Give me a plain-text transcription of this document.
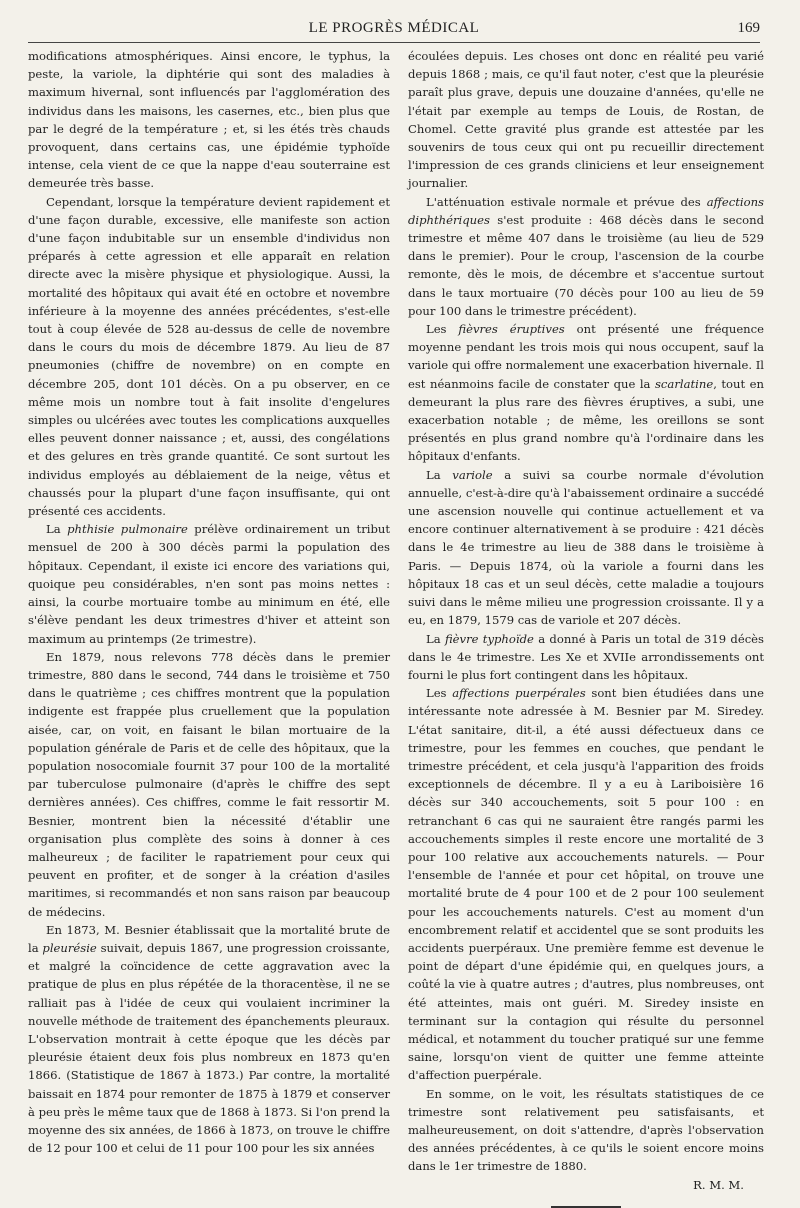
LE PROGRÈS MÉDICAL	169

modifications atmosphériques. Ainsi encore, le typhus, la peste, la variole, la diphtérie qui sont des maladies à maximum hivernal, sont influencés par l'agglomération des individus dans les maisons, les casernes, etc., bien plus que par le degré de la température ; et, si les étés très chauds provoquent, dans certains cas, une épidémie typhoïde intense, cela vient de ce que la nappe d'eau souterraine est demeurée très basse.

Cependant, lorsque la température devient rapidement et d'une façon durable, excessive, elle manifeste son action d'une façon indubitable sur un ensemble d'individus non préparés à cette agression et elle apparaît en relation directe avec la misère physique et physiologique. Aussi, la mortalité des hôpitaux qui avait été en octobre et novembre inférieure à la moyenne des années précédentes, s'est-elle tout à coup élevée de 528 au-dessus de celle de novembre dans le cours du mois de décembre 1879. Au lieu de 87 pneumonies (chiffre de novembre) on en compte en décembre 205, dont 101 décès. On a pu observer, en ce même mois un nombre tout à fait insolite d'engelures simples ou ulcérées avec toutes les complications auxquelles elles peuvent donner naissance ; et, aussi, des congélations et des gelures en très grande quantité. Ce sont surtout les individus employés au déblaiement de la neige, vêtus et chaussés pour la plupart d'une façon insuffisante, qui ont présenté ces accidents.

La phthisie pulmonaire prélève ordinairement un tribut mensuel de 200 à 300 décès parmi la population des hôpitaux. Cependant, il existe ici encore des variations qui, quoique peu considérables, n'en sont pas moins nettes : ainsi, la courbe mortuaire tombe au minimum en été, elle s'élève pendant les deux trimestres d'hiver et atteint son maximum au printemps (2e trimestre).

En 1879, nous relevons 778 décès dans le premier trimestre, 880 dans le second, 744 dans le troisième et 750 dans le quatrième ; ces chiffres montrent que la population indigente est frappée plus cruellement que la population aisée, car, on voit, en faisant le bilan mortuaire de la population générale de Paris et de celle des hôpitaux, que la population nosocomiale fournit 37 pour 100 de la mortalité par tuberculose pulmonaire (d'après le chiffre des sept dernières années). Ces chiffres, comme le fait ressortir M. Besnier, montrent bien la nécessité d'établir une organisation plus complète des soins à donner à ces malheureux ; de faciliter le rapatriement pour ceux qui peuvent en profiter, et de songer à la création d'asiles maritimes, si recommandés et non sans raison par beaucoup de médecins.

En 1873, M. Besnier établissait que la mortalité brute de la pleurésie suivait, depuis 1867, une progression croissante, et malgré la coïncidence de cette aggravation avec la pratique de plus en plus répétée de la thoracentèse, il ne se ralliait pas à l'idée de ceux qui voulaient incriminer la nouvelle méthode de traitement des épanchements pleuraux. L'observation montrait à cette époque que les décès par pleurésie étaient deux fois plus nombreux en 1873 qu'en 1866. (Statistique de 1867 à 1873.) Par contre, la mortalité baissait en 1874 pour remonter de 1875 à 1879 et conserver à peu près le même taux que de 1868 à 1873. Si l'on prend la moyenne des six années, de 1866 à 1873, on trouve le chiffre de 12 pour 100 et celui de 11 pour 100 pour les six années

écoulées depuis. Les choses ont donc en réalité peu varié depuis 1868 ; mais, ce qu'il faut noter, c'est que la pleurésie paraît plus grave, depuis une douzaine d'années, qu'elle ne l'était par exemple au temps de Louis, de Rostan, de Chomel. Cette gravité plus grande est attestée par les souvenirs de tous ceux qui ont pu recueillir directement l'impression de ces grands cliniciens et leur enseignement journalier.

L'atténuation estivale normale et prévue des affections diphthériques s'est produite : 468 décès dans le second trimestre et même 407 dans le troisième (au lieu de 529 dans le premier). Pour le croup, l'ascension de la courbe remonte, dès le mois, de décembre et s'accentue surtout dans le taux mortuaire (70 décès pour 100 au lieu de 59 pour 100 dans le trimestre précédent).

Les fièvres éruptives ont présenté une fréquence moyenne pendant les trois mois qui nous occupent, sauf la variole qui offre normalement une exacerbation hivernale. Il est néanmoins facile de constater que la scarlatine, tout en demeurant la plus rare des fièvres éruptives, a subi, une exacerbation notable ; de même, les oreillons se sont présentés en plus grand nombre qu'à l'ordinaire dans les hôpitaux d'enfants.

La variole a suivi sa courbe normale d'évolution annuelle, c'est-à-dire qu'à l'abaissement ordinaire a succédé une ascension nouvelle qui continue actuellement et va encore continuer alternativement à se produire : 421 décès dans le 4e trimestre au lieu de 388 dans le troisième à Paris. — Depuis 1874, où la variole a fourni dans les hôpitaux 18 cas et un seul décès, cette maladie a toujours suivi dans le même milieu une progression croissante. Il y a eu, en 1879, 1579 cas de variole et 207 décès.

La fièvre typhoïde a donné à Paris un total de 319 décès dans le 4e trimestre. Les Xe et XVIIe arrondissements ont fourni le plus fort contingent dans les hôpitaux.

Les affections puerpérales sont bien étudiées dans une intéressante note adressée à M. Besnier par M. Siredey. L'état sanitaire, dit-il, a été aussi défectueux dans ce trimestre, pour les femmes en couches, que pendant le trimestre précédent, et cela jusqu'à l'apparition des froids exceptionnels de décembre. Il y a eu à Lariboisière 16 décès sur 340 accouchements, soit 5 pour 100 : en retranchant 6 cas qui ne sauraient être rangés parmi les accouchements simples il reste encore une mortalité de 3 pour 100 relative aux accouchements naturels. — Pour l'ensemble de l'année et pour cet hôpital, on trouve une mortalité brute de 4 pour 100 et de 2 pour 100 seulement pour les accouchements naturels. C'est au moment d'un encombrement relatif et accidentel que se sont produits les accidents puerpéraux. Une première femme est devenue le point de départ d'une épidémie qui, en quelques jours, a coûté la vie à quatre autres ; d'autres, plus nombreuses, ont été atteintes, mais ont guéri. M. Siredey insiste en terminant sur la contagion qui résulte du personnel médical, et notamment du toucher pratiqué sur une femme saine, lorsqu'on vient de quitter une femme atteinte d'affection puerpérale.

En somme, on le voit, les résultats statistiques de ce trimestre sont relativement peu satisfaisants, et malheureusement, on doit s'attendre, d'après l'observation des années précédentes, à ce qu'ils le soient encore moins dans le 1er trimestre de 1880.

R. M. M.
